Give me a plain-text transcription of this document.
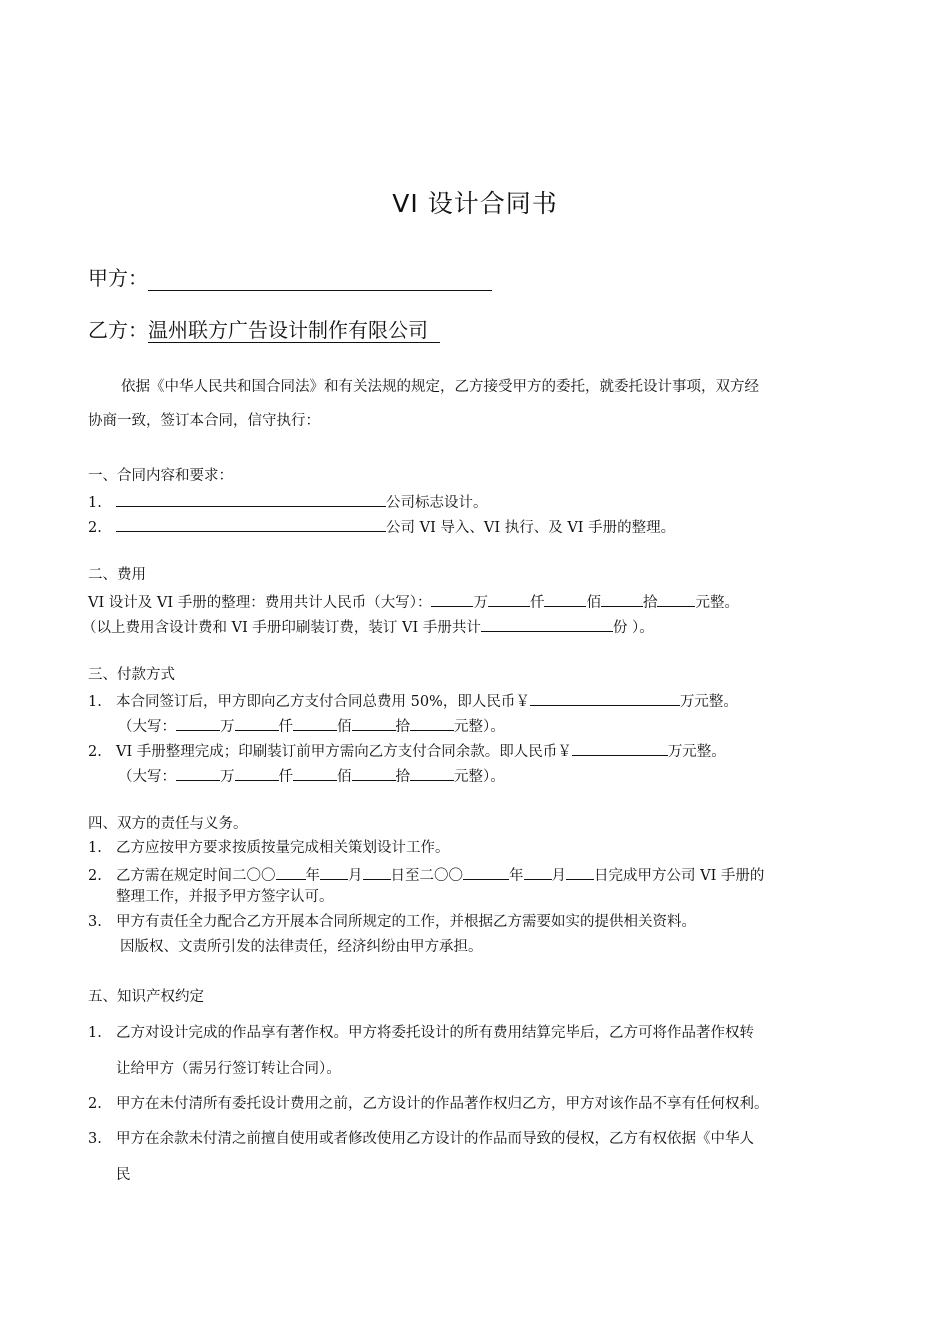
VI 设计合同书
甲方：
乙方：温州联方广告设计制作有限公司
依据《中华人民共和国合同法》和有关法规的规定，乙方接受甲方的委托，就委托设计事项，双方经
协商一致，签订本合同，信守执行：
一、合同内容和要求：
1.	公司标志设计。
2.	公司 VI 导入、VI 执行、及 VI 手册的整理。
二、费用
VI 设计及 VI 手册的整理：费用共计人民币（大写）：	万	仟	佰	拾	元整。
（以上费用含设计费和 VI 手册印刷装订费，装订 VI 手册共计	份 ）。
三、付款方式
1. 本合同签订后，甲方即向乙方支付合同总费用 50%，即人民币￥	万元整。
（大写：	万	仟	佰	拾	元整）。
2. VI 手册整理完成；印刷装订前甲方需向乙方支付合同余款。即人民币￥	万元整。
（大写：	万	仟	佰	拾	元整）。
四、双方的责任与义务。
1. 乙方应按甲方要求按质按量完成相关策划设计工作。
2. 乙方需在规定时间二〇〇 年 月 日至二〇〇	年 月 日完成甲方公司 VI 手册的
整理工作，并报予甲方签字认可。
3. 甲方有责任全力配合乙方开展本合同所规定的工作，并根据乙方需要如实的提供相关资料。
因版权、文责所引发的法律责任，经济纠纷由甲方承担。
五、知识产权约定
1. 乙方对设计完成的作品享有著作权。甲方将委托设计的所有费用结算完毕后，乙方可将作品著作权转
让给甲方（需另行签订转让合同）。
2. 甲方在未付清所有委托设计费用之前，乙方设计的作品著作权归乙方，甲方对该作品不享有任何权利。
3. 甲方在余款未付清之前擅自使用或者修改使用乙方设计的作品而导致的侵权，乙方有权依据《中华人
民
